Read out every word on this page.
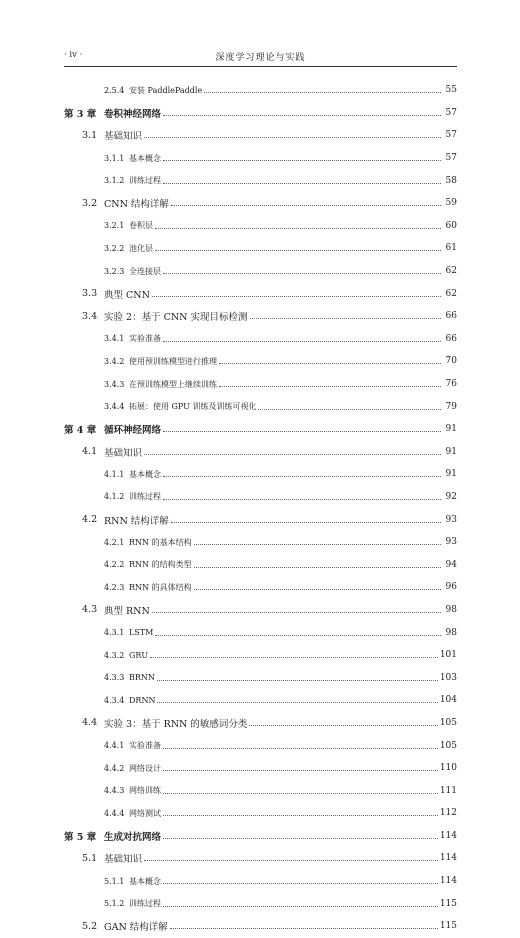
· iv ·	深度学习理论与实践
2.5.4 安装 PaddlePaddle	55
第 3 章 卷积神经网络	57
3.1 基础知识	57
3.1.1 基本概念	57
3.1.2 训练过程	58
3.2 CNN 结构详解	59
3.2.1 卷积层	60
3.2.2 池化层	61
3.2.3 全连接层	62
3.3 典型 CNN	62
3.4 实验 2：基于 CNN 实现目标检测	66
3.4.1 实验准备	66
3.4.2 使用预训练模型进行推理	70
3.4.3 在预训练模型上继续训练	76
3.4.4 拓展：使用 GPU 训练及训练可视化	79
第 4 章 循环神经网络	91
4.1 基础知识	91
4.1.1 基本概念	91
4.1.2 训练过程	92
4.2 RNN 结构详解	93
4.2.1 RNN 的基本结构	93
4.2.2 RNN 的结构类型	94
4.2.3 RNN 的具体结构	96
4.3 典型 RNN	98
4.3.1 LSTM	98
4.3.2 GRU	101
4.3.3 BRNN	103
4.3.4 DRNN	104
4.4 实验 3：基于 RNN 的敏感词分类	105
4.4.1 实验准备	105
4.4.2 网络设计	110
4.4.3 网络训练	111
4.4.4 网络测试	112
第 5 章 生成对抗网络	114
5.1 基础知识	114
5.1.1 基本概念	114
5.1.2 训练过程	115
5.2 GAN 结构详解	115
